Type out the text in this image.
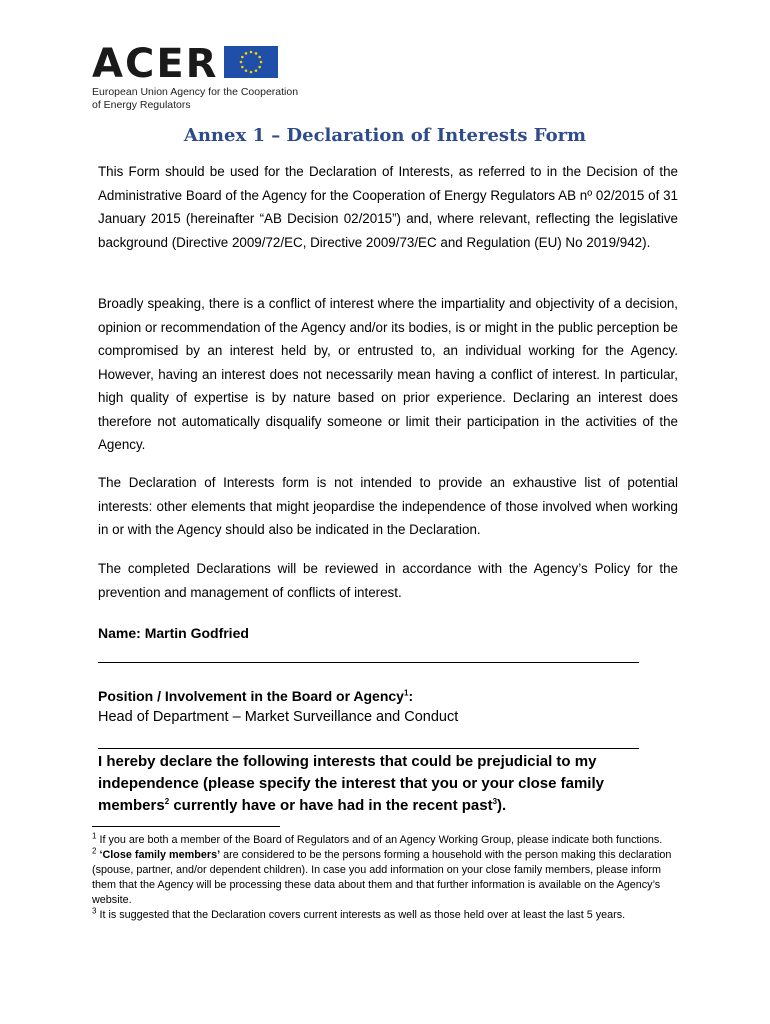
ACER
European Union Agency for the Cooperation
of Energy Regulators
Annex 1 – Declaration of Interests Form

This Form should be used for the Declaration of Interests, as referred to in the Decision of the Administrative Board of the Agency for the Cooperation of Energy Regulators AB nº 02/2015 of 31 January 2015 (hereinafter “AB Decision 02/2015”) and, where relevant, reflecting the legislative background (Directive 2009/72/EC, Directive 2009/73/EC and Regulation (EU) No 2019/942).

Broadly speaking, there is a conflict of interest where the impartiality and objectivity of a decision, opinion or recommendation of the Agency and/or its bodies, is or might in the public perception be compromised by an interest held by, or entrusted to, an individual working for the Agency. However, having an interest does not necessarily mean having a conflict of interest. In particular, high quality of expertise is by nature based on prior experience. Declaring an interest does therefore not automatically disqualify someone or limit their participation in the activities of the Agency.

The Declaration of Interests form is not intended to provide an exhaustive list of potential interests: other elements that might jeopardise the independence of those involved when working in or with the Agency should also be indicated in the Declaration.

The completed Declarations will be reviewed in accordance with the Agency’s Policy for the prevention and management of conflicts of interest.

Name: Martin Godfried
Position / Involvement in the Board or Agency$^1$:
Head of Department – Market Surveillance and Conduct

I hereby declare the following interests that could be prejudicial to my independence (please specify the interest that you or your close family members$^2$ currently have or have had in the recent past$^3$).

$^1$ If you are both a member of the Board of Regulators and of an Agency Working Group, please indicate both functions.
$^2$ ‘Close family members’ are considered to be the persons forming a household with the person making this declaration (spouse, partner, and/or dependent children). In case you add information on your close family members, please inform them that the Agency will be processing these data about them and that further information is available on the Agency’s website.
$^3$ It is suggested that the Declaration covers current interests as well as those held over at least the last 5 years.
